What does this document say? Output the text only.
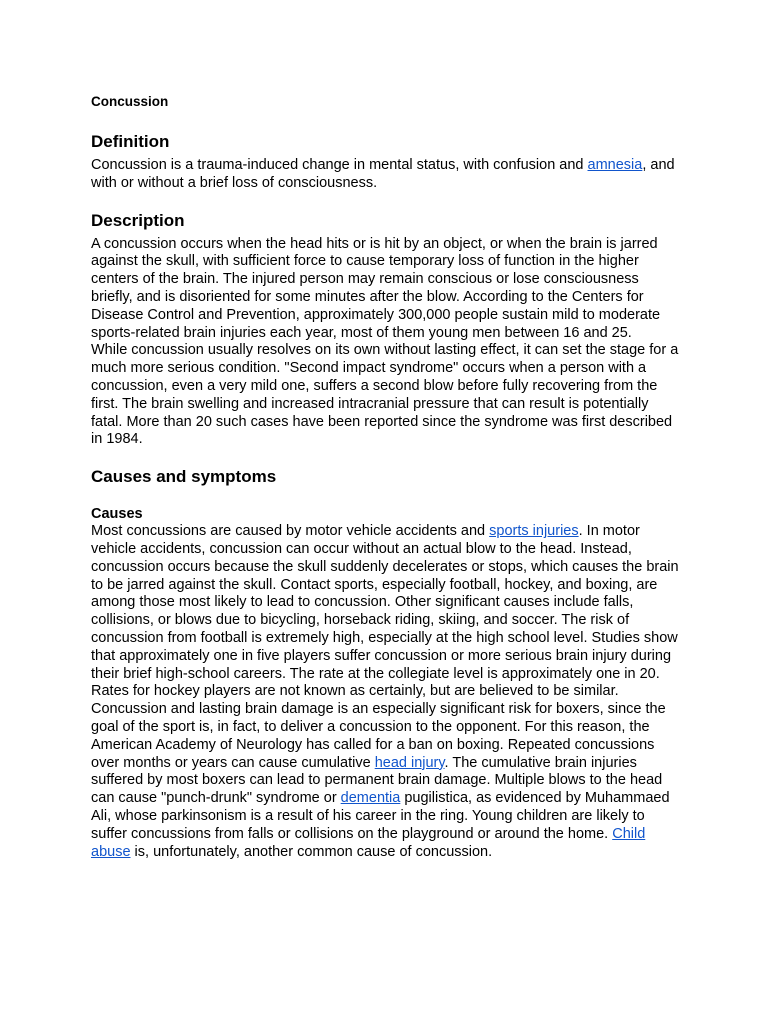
Concussion
Definition

Concussion is a trauma-induced change in mental status, with confusion and amnesia, and with or without a brief loss of consciousness.

Description

A concussion occurs when the head hits or is hit by an object, or when the brain is jarred against the skull, with sufficient force to cause temporary loss of function in the higher centers of the brain. The injured person may remain conscious or lose consciousness briefly, and is disoriented for some minutes after the blow. According to the Centers for Disease Control and Prevention, approximately 300,000 people sustain mild to moderate sports-related brain injuries each year, most of them young men between 16 and 25.

While concussion usually resolves on its own without lasting effect, it can set the stage for a much more serious condition. "Second impact syndrome" occurs when a person with a concussion, even a very mild one, suffers a second blow before fully recovering from the first. The brain swelling and increased intracranial pressure that can result is potentially fatal. More than 20 such cases have been reported since the syndrome was first described in 1984.

Causes and symptoms
Causes

Most concussions are caused by motor vehicle accidents and sports injuries. In motor vehicle accidents, concussion can occur without an actual blow to the head. Instead, concussion occurs because the skull suddenly decelerates or stops, which causes the brain to be jarred against the skull. Contact sports, especially football, hockey, and boxing, are among those most likely to lead to concussion. Other significant causes include falls, collisions, or blows due to bicycling, horseback riding, skiing, and soccer. The risk of concussion from football is extremely high, especially at the high school level. Studies show that approximately one in five players suffer concussion or more serious brain injury during their brief high-school careers. The rate at the collegiate level is approximately one in 20. Rates for hockey players are not known as certainly, but are believed to be similar.

Concussion and lasting brain damage is an especially significant risk for boxers, since the goal of the sport is, in fact, to deliver a concussion to the opponent. For this reason, the American Academy of Neurology has called for a ban on boxing. Repeated concussions over months or years can cause cumulative head injury. The cumulative brain injuries suffered by most boxers can lead to permanent brain damage. Multiple blows to the head can cause "punch-drunk" syndrome or dementia pugilistica, as evidenced by Muhammaed Ali, whose parkinsonism is a result of his career in the ring. Young children are likely to suffer concussions from falls or collisions on the playground or around the home. Child abuse is, unfortunately, another common cause of concussion.
